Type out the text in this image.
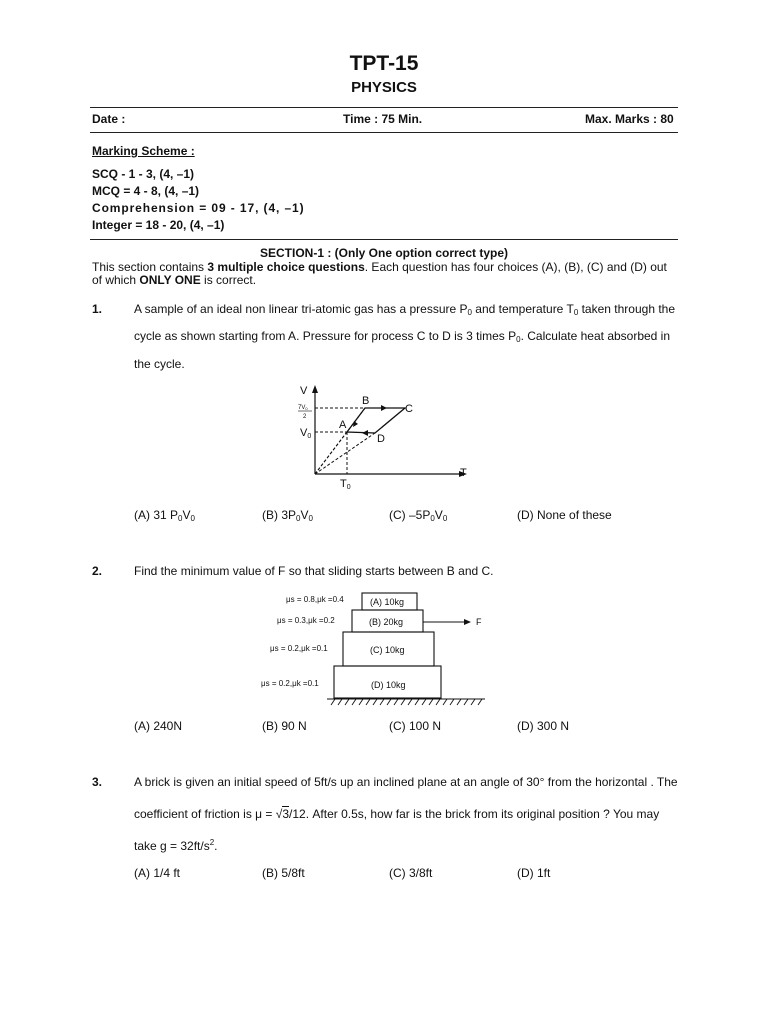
TPT-15
PHYSICS
Date :	Time : 75 Min.	Max. Marks : 80
Marking Scheme :
SCQ - 1 - 3, (4, –1)
MCQ = 4 - 8, (4, –1)
Comprehension = 09 - 17, (4, –1)
Integer = 18 - 20, (4, –1)
SECTION-1 : (Only One option correct type)
This section contains 3 multiple choice questions. Each question has four choices (A), (B), (C) and (D) out of which ONLY ONE is correct.
1.	A sample of an ideal non linear tri-atomic gas has a pressure $P_0$ and temperature $T_0$ taken through the
cycle as shown starting from A. Pressure for process C to D is 3 times $P_0$. Calculate heat absorbed in
the cycle.
V
T
7V0
2
V0
T0
A
B
C
D
(A) 31 $P_0V_0$	(B) $3P_0V_0$	(C) $-5P_0V_0$	(D) None of these
2.	Find the minimum value of F so that sliding starts between B and C.
(A) 10kg
(B) 20kg
(C) 10kg
(D) 10kg
F
μs = 0.8,μk =0.4
μs = 0.3,μk =0.2
μs = 0.2,μk =0.1
μs = 0.2,μk =0.1
(A) 240N	(B) 90 N	(C) 100 N	(D) 300 N
3.	A brick is given an initial speed of 5ft/s up an inclined plane at an angle of 30° from the horizontal . The
coefficient of friction is μ = √3/12. After 0.5s, how far is the brick from its original position ? You may
take $g = 32ft/s^2$.
(A) 1/4 ft	(B) 5/8ft	(C) 3/8ft	(D) 1ft
